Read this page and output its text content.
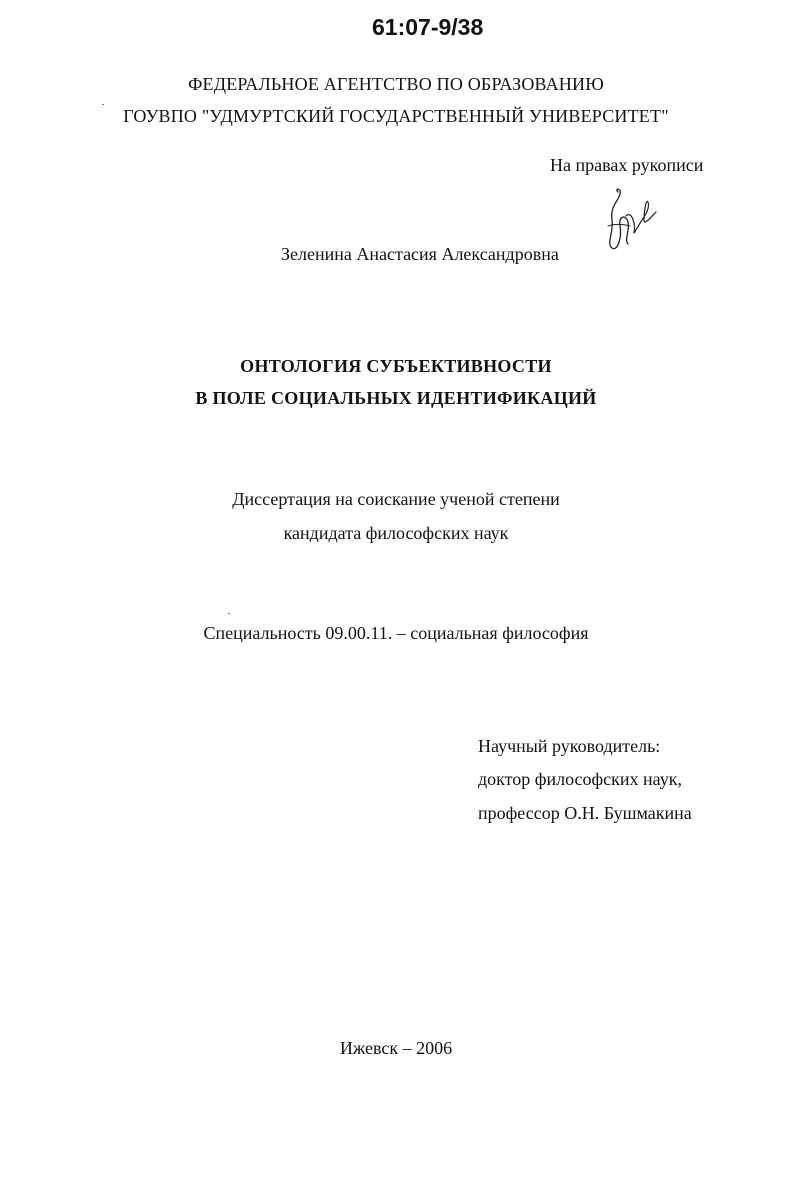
61:07-9/38
ФЕДЕРАЛЬНОЕ АГЕНТСТВО ПО ОБРАЗОВАНИЮ
ГОУВПО "УДМУРТСКИЙ ГОСУДАРСТВЕННЫЙ УНИВЕРСИТЕТ"
На правах рукописи
Зеленина Анастасия Александровна
ОНТОЛОГИЯ СУБЪЕКТИВНОСТИ
В ПОЛЕ СОЦИАЛЬНЫХ ИДЕНТИФИКАЦИЙ
Диссертация на соискание ученой степени
кандидата философских наук
Специальность 09.00.11. – социальная философия
Научный руководитель:
доктор философских наук,
профессор О.Н. Бушмакина
Ижевск – 2006
